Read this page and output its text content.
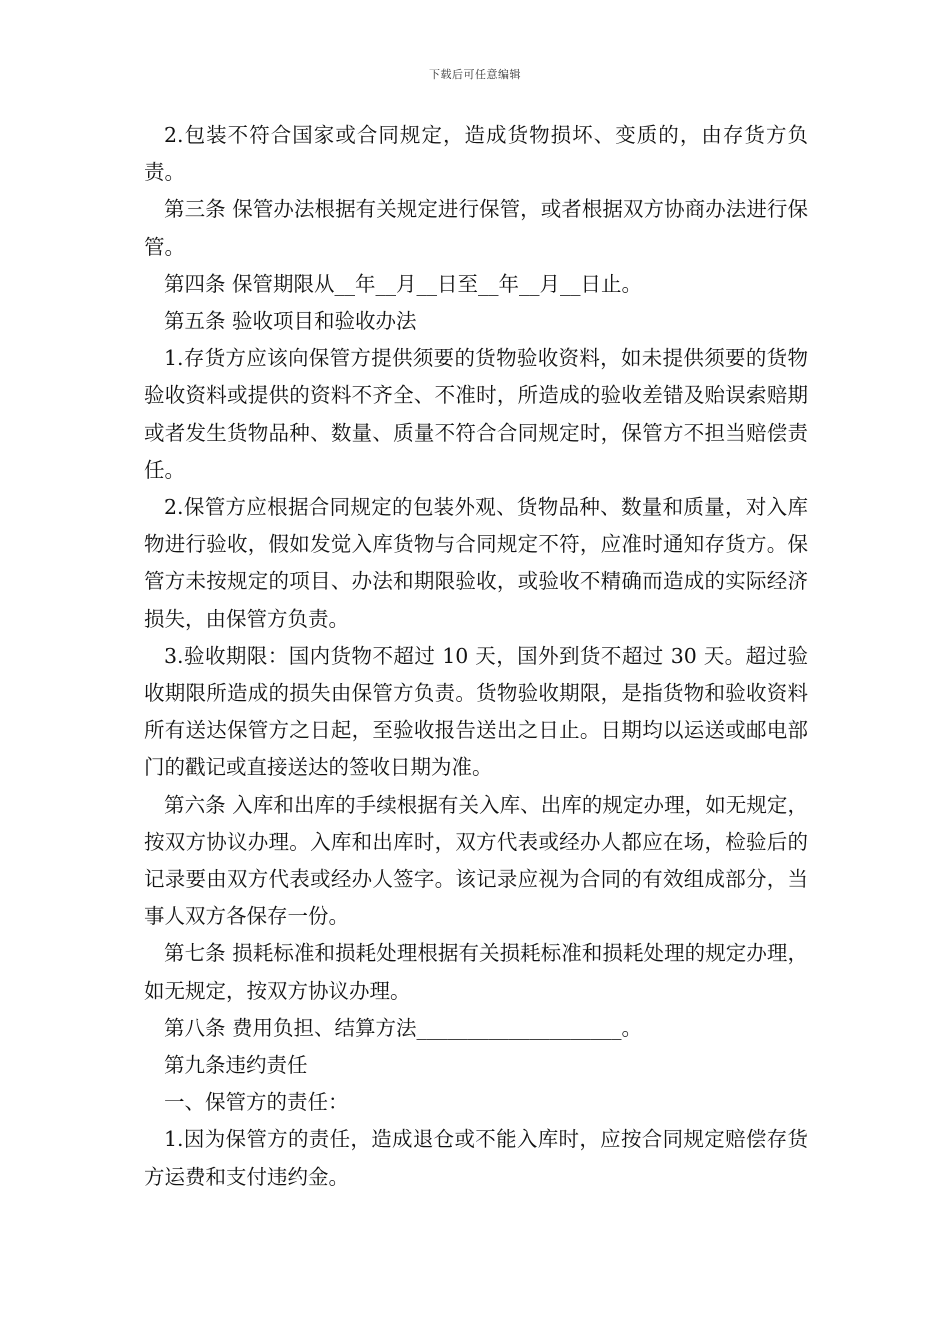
下载后可任意编辑

2.包装不符合国家或合同规定，造成货物损坏、变质的，由存货方负责。

第三条 保管办法根据有关规定进行保管，或者根据双方协商办法进行保管。

第四条 保管期限从__年__月__日至__年__月__日止。

第五条 验收项目和验收办法

1.存货方应该向保管方提供须要的货物验收资料，如未提供须要的货物验收资料或提供的资料不齐全、不准时，所造成的验收差错及贻误索赔期或者发生货物品种、数量、质量不符合合同规定时，保管方不担当赔偿责任。

2.保管方应根据合同规定的包装外观、货物品种、数量和质量，对入库物进行验收，假如发觉入库货物与合同规定不符，应准时通知存货方。保管方未按规定的项目、办法和期限验收，或验收不精确而造成的实际经济损失，由保管方负责。

3.验收期限：国内货物不超过 10 天，国外到货不超过 30 天。超过验收期限所造成的损失由保管方负责。货物验收期限，是指货物和验收资料所有送达保管方之日起，至验收报告送出之日止。日期均以运送或邮电部门的戳记或直接送达的签收日期为准。

第六条 入库和出库的手续根据有关入库、出库的规定办理，如无规定，按双方协议办理。入库和出库时，双方代表或经办人都应在场，检验后的记录要由双方代表或经办人签字。该记录应视为合同的有效组成部分，当事人双方各保存一份。

第七条 损耗标准和损耗处理根据有关损耗标准和损耗处理的规定办理，如无规定，按双方协议办理。

第八条 费用负担、结算方法____________________。

第九条违约责任

一、保管方的责任：

1.因为保管方的责任，造成退仓或不能入库时，应按合同规定赔偿存货方运费和支付违约金。
